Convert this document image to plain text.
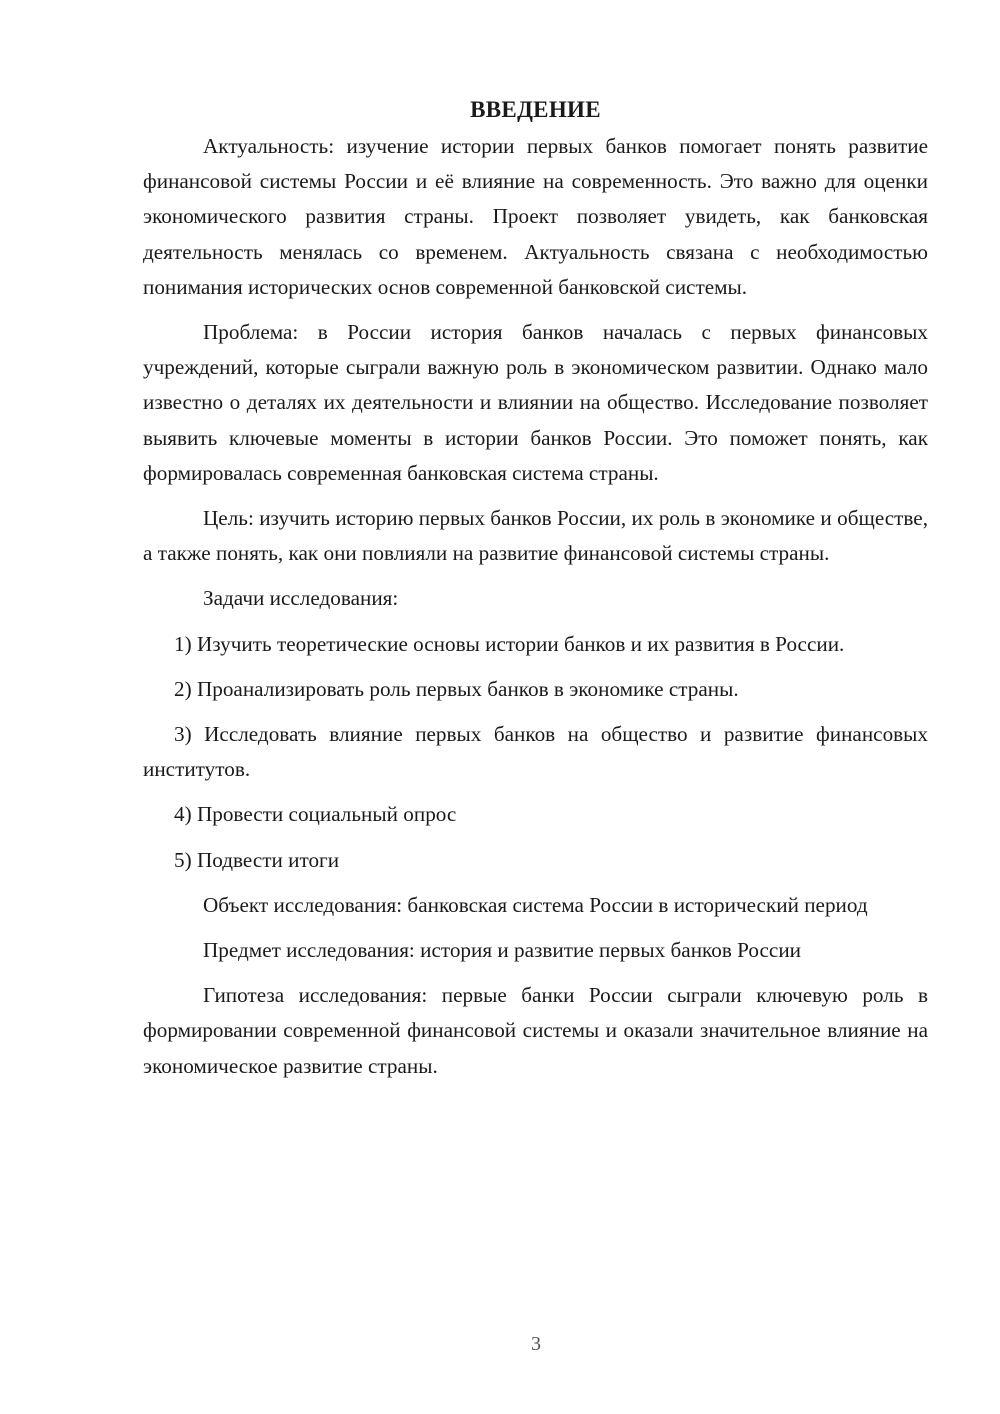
ВВЕДЕНИЕ

Актуальность: изучение истории первых банков помогает понять развитие финансовой системы России и её влияние на современность. Это важно для оценки экономического развития страны. Проект позволяет увидеть, как банковская деятельность менялась со временем. Актуальность связана с необходимостью понимания исторических основ современной банковской системы.

Проблема: в России история банков началась с первых финансовых учреждений, которые сыграли важную роль в экономическом развитии. Однако мало известно о деталях их деятельности и влиянии на общество. Исследование позволяет выявить ключевые моменты в истории банков России. Это поможет понять, как формировалась современная банковская система страны.

Цель: изучить историю первых банков России, их роль в экономике и обществе, а также понять, как они повлияли на развитие финансовой системы страны.

Задачи исследования:

1) Изучить теоретические основы истории банков и их развития в России.
2) Проанализировать роль первых банков в экономике страны.
3) Исследовать влияние первых банков на общество и развитие финансовых институтов.
4) Провести социальный опрос
5) Подвести итоги

Объект исследования: банковская система России в исторический период

Предмет исследования: история и развитие первых банков России

Гипотеза исследования: первые банки России сыграли ключевую роль в формировании современной финансовой системы и оказали значительное влияние на экономическое развитие страны.

3
